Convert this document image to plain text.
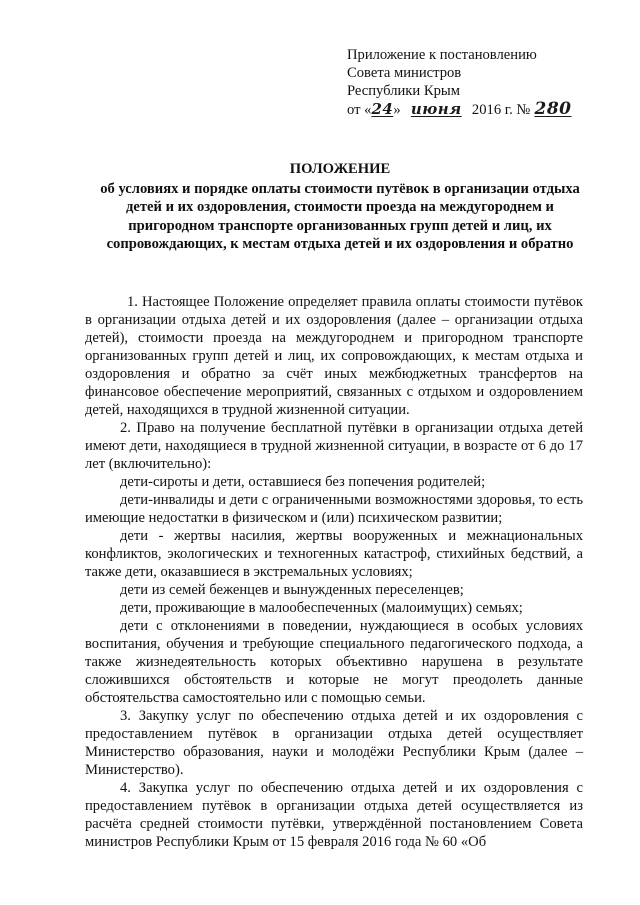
Приложение к постановлению
Совета министров
Республики Крым
от «24» июня 2016 г. № 280
ПОЛОЖЕНИЕ
об условиях и порядке оплаты стоимости путёвок в организации отдыха детей и их оздоровления, стоимости проезда на междугороднем и пригородном транспорте организованных групп детей и лиц, их сопровождающих, к местам отдыха детей и их оздоровления и обратно

1. Настоящее Положение определяет правила оплаты стоимости путёвок в организации отдыха детей и их оздоровления (далее – организации отдыха детей), стоимости проезда на междугороднем и пригородном транспорте организованных групп детей и лиц, их сопровождающих, к местам отдыха и оздоровления и обратно за счёт иных межбюджетных трансфертов на финансовое обеспечение мероприятий, связанных с отдыхом и оздоровлением детей, находящихся в трудной жизненной ситуации.

2. Право на получение бесплатной путёвки в организации отдыха детей имеют дети, находящиеся в трудной жизненной ситуации, в возрасте от 6 до 17 лет (включительно):

дети-сироты и дети, оставшиеся без попечения родителей;

дети-инвалиды и дети с ограниченными возможностями здоровья, то есть имеющие недостатки в физическом и (или) психическом развитии;

дети - жертвы насилия, жертвы вооруженных и межнациональных конфликтов, экологических и техногенных катастроф, стихийных бедствий, а также дети, оказавшиеся в экстремальных условиях;

дети из семей беженцев и вынужденных переселенцев;

дети, проживающие в малообеспеченных (малоимущих) семьях;

дети с отклонениями в поведении, нуждающиеся в особых условиях воспитания, обучения и требующие специального педагогического подхода, а также жизнедеятельность которых объективно нарушена в результате сложившихся обстоятельств и которые не могут преодолеть данные обстоятельства самостоятельно или с помощью семьи.

3. Закупку услуг по обеспечению отдыха детей и их оздоровления с предоставлением путёвок в организации отдыха детей осуществляет Министерство образования, науки и молодёжи Республики Крым (далее – Министерство).

4. Закупка услуг по обеспечению отдыха детей и их оздоровления с предоставлением путёвок в организации отдыха детей осуществляется из расчёта средней стоимости путёвки, утверждённой постановлением Совета министров Республики Крым от 15 февраля 2016 года № 60 «Об
